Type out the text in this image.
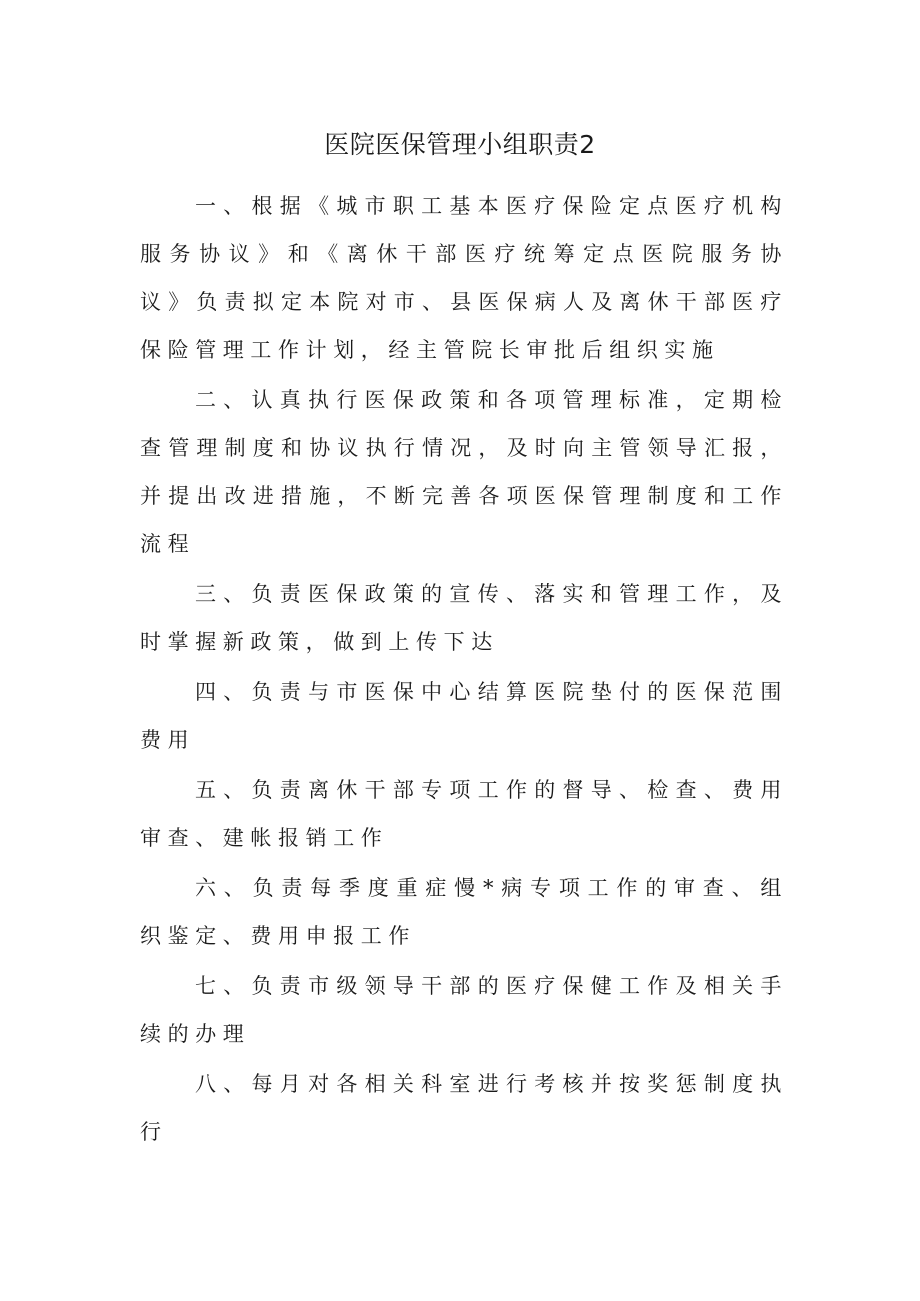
医院医保管理小组职责2

一、根据《城市职工基本医疗保险定点医疗机构服务协议》和《离休干部医疗统筹定点医院服务协议》负责拟定本院对市、县医保病人及离休干部医疗保险管理工作计划，经主管院长审批后组织实施

二、认真执行医保政策和各项管理标准，定期检查管理制度和协议执行情况，及时向主管领导汇报，并提出改进措施，不断完善各项医保管理制度和工作流程

三、负责医保政策的宣传、落实和管理工作，及时掌握新政策，做到上传下达

四、负责与市医保中心结算医院垫付的医保范围费用

五、负责离休干部专项工作的督导、检查、费用审查、建帐报销工作

六、负责每季度重症慢*病专项工作的审查、组织鉴定、费用申报工作

七、负责市级领导干部的医疗保健工作及相关手续的办理

八、每月对各相关科室进行考核并按奖惩制度执行
